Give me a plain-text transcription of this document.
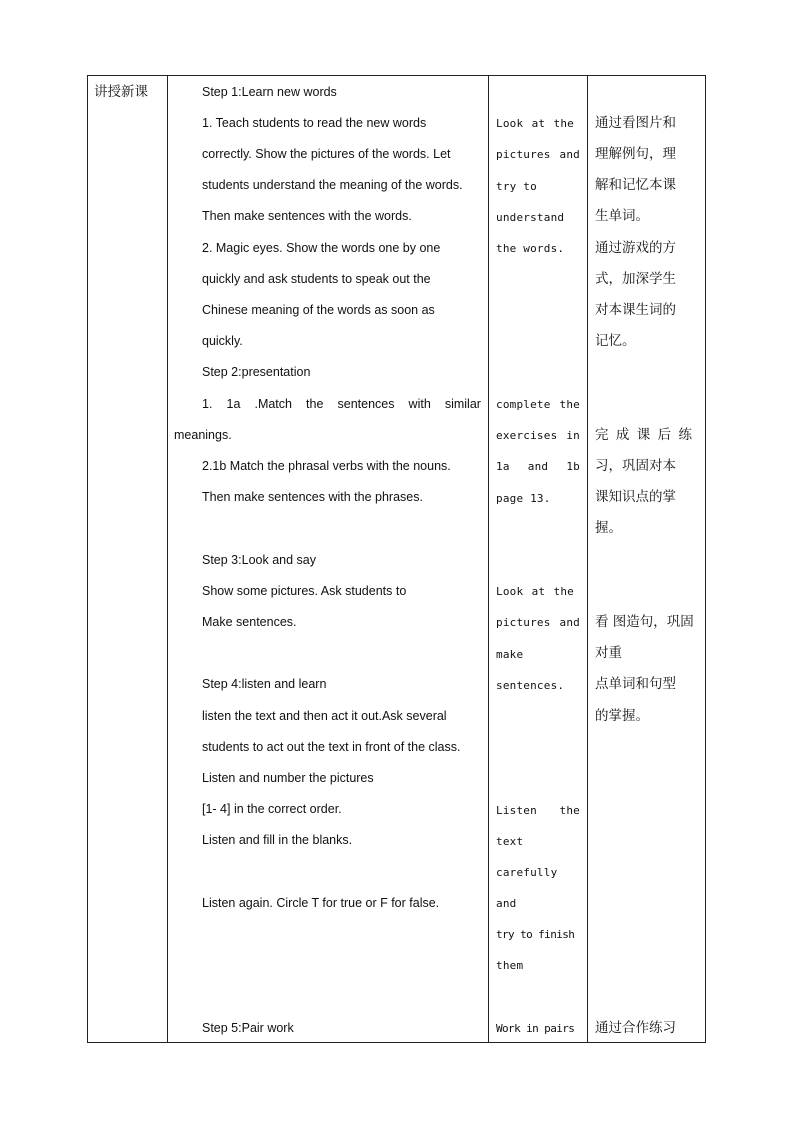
讲授新课	Step 1:Learn new words
1. Teach students to read the new words
correctly. Show the pictures of the words. Let
students understand the meaning of the words.
Then make sentences with the words.
2. Magic eyes. Show the words one by one
quickly and ask students to speak out the
Chinese meaning of the words as soon as
quickly.
Step 2:presentation
1. 1a .Match the sentences with similar
meanings.
2.1b Match the phrasal verbs with the nouns.
Then make sentences with the phrases.
Step 3:Look and say
Show some pictures. Ask students to
Make sentences.
Step 4:listen and learn
listen the text and then act it out.Ask several
students to act out the text in front of the class.
Listen and number the pictures
[1- 4] in the correct order.
Listen and fill in the blanks.
Listen again. Circle T for true or F for false.
Step 5:Pair work
Look at the
pictures and
try to
understand
the words.
complete the
exercises in
1a and 1b
page 13.
Look at the
pictures and
make
sentences.
Listen the
text
carefully
and
try to finish
them
Work in pairs
通过看图片和
理解例句，理
解和记忆本课
生单词。
通过游戏的方
式，加深学生
对本课生词的
记忆。
完 成 课 后 练
习，巩固对本
课知识点的掌
握。
看 图造句，巩固
对重
点单词和句型
的掌握。
通过合作练习
